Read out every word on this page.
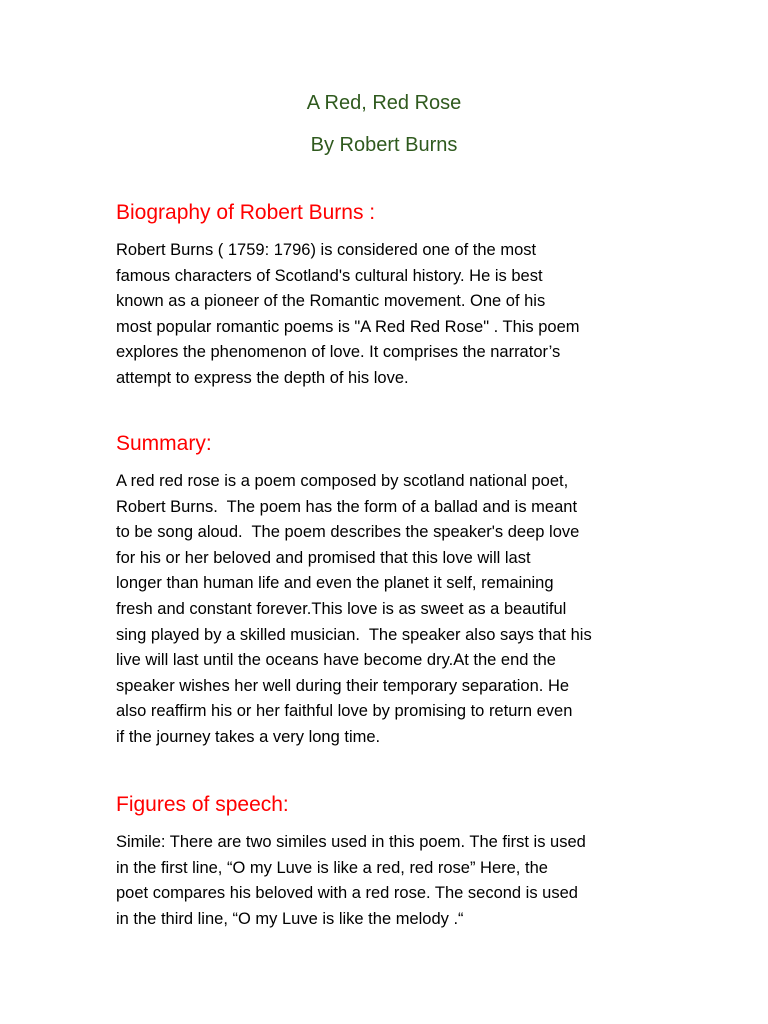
A Red, Red Rose
By Robert Burns
Biography of Robert Burns :
Robert Burns ( 1759: 1796) is considered one of the most
famous characters of Scotland's cultural history. He is best
known as a pioneer of the Romantic movement. One of his
most popular romantic poems is "A Red Red Rose" . This poem
explores the phenomenon of love. It comprises the narrator’s
attempt to express the depth of his love.
Summary:
A red red rose is a poem composed by scotland national poet,
Robert Burns.  The poem has the form of a ballad and is meant
to be song aloud.  The poem describes the speaker's deep love
for his or her beloved and promised that this love will last
longer than human life and even the planet it self, remaining
fresh and constant forever.This love is as sweet as a beautiful
sing played by a skilled musician.  The speaker also says that his
live will last until the oceans have become dry.At the end the
speaker wishes her well during their temporary separation. He
also reaffirm his or her faithful love by promising to return even
if the journey takes a very long time.
Figures of speech:
Simile: There are two similes used in this poem. The first is used
in the first line, “O my Luve is like a red, red rose” Here, the
poet compares his beloved with a red rose. The second is used
in the third line, “O my Luve is like the melody .“
